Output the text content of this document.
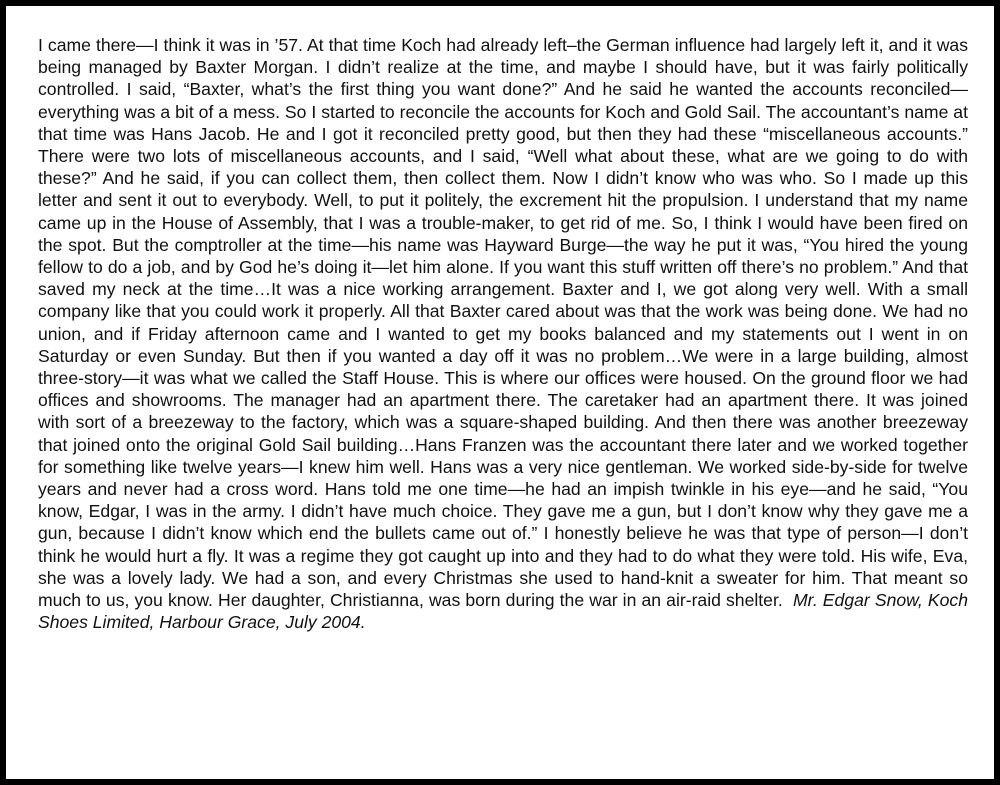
I came there—I think it was in ’57. At that time Koch had already left–the German influence had largely left it, and it was being managed by Baxter Morgan. I didn’t realize at the time, and maybe I should have, but it was fairly politically controlled. I said, “Baxter, what’s the first thing you want done?” And he said he wanted the accounts reconciled—everything was a bit of a mess. So I started to reconcile the accounts for Koch and Gold Sail. The accountant’s name at that time was Hans Jacob. He and I got it reconciled pretty good, but then they had these “miscellaneous accounts.” There were two lots of miscellaneous accounts, and I said, “Well what about these, what are we going to do with these?” And he said, if you can collect them, then collect them. Now I didn’t know who was who. So I made up this letter and sent it out to everybody. Well, to put it politely, the excrement hit the propulsion. I understand that my name came up in the House of Assembly, that I was a trouble-maker, to get rid of me. So, I think I would have been fired on the spot. But the comptroller at the time—his name was Hayward Burge—the way he put it was, “You hired the young fellow to do a job, and by God he’s doing it—let him alone. If you want this stuff written off there’s no problem.” And that saved my neck at the time…It was a nice working arrangement. Baxter and I, we got along very well. With a small company like that you could work it properly. All that Baxter cared about was that the work was being done. We had no union, and if Friday afternoon came and I wanted to get my books balanced and my statements out I went in on Saturday or even Sunday. But then if you wanted a day off it was no problem…We were in a large building, almost three-story—it was what we called the Staff House. This is where our offices were housed. On the ground floor we had offices and showrooms. The manager had an apartment there. The caretaker had an apartment there. It was joined with sort of a breezeway to the factory, which was a square-shaped building. And then there was another breezeway that joined onto the original Gold Sail building…Hans Franzen was the accountant there later and we worked together for something like twelve years—I knew him well. Hans was a very nice gentleman. We worked side-by-side for twelve years and never had a cross word. Hans told me one time—he had an impish twinkle in his eye—and he said, “You know, Edgar, I was in the army. I didn’t have much choice. They gave me a gun, but I don’t know why they gave me a gun, because I didn’t know which end the bullets came out of.” I honestly believe he was that type of person—I don’t think he would hurt a fly. It was a regime they got caught up into and they had to do what they were told. His wife, Eva, she was a lovely lady. We had a son, and every Christmas she used to hand-knit a sweater for him. That meant so much to us, you know. Her daughter, Christianna, was born during the war in an air-raid shelter. Mr. Edgar Snow, Koch Shoes Limited, Harbour Grace, July 2004.
